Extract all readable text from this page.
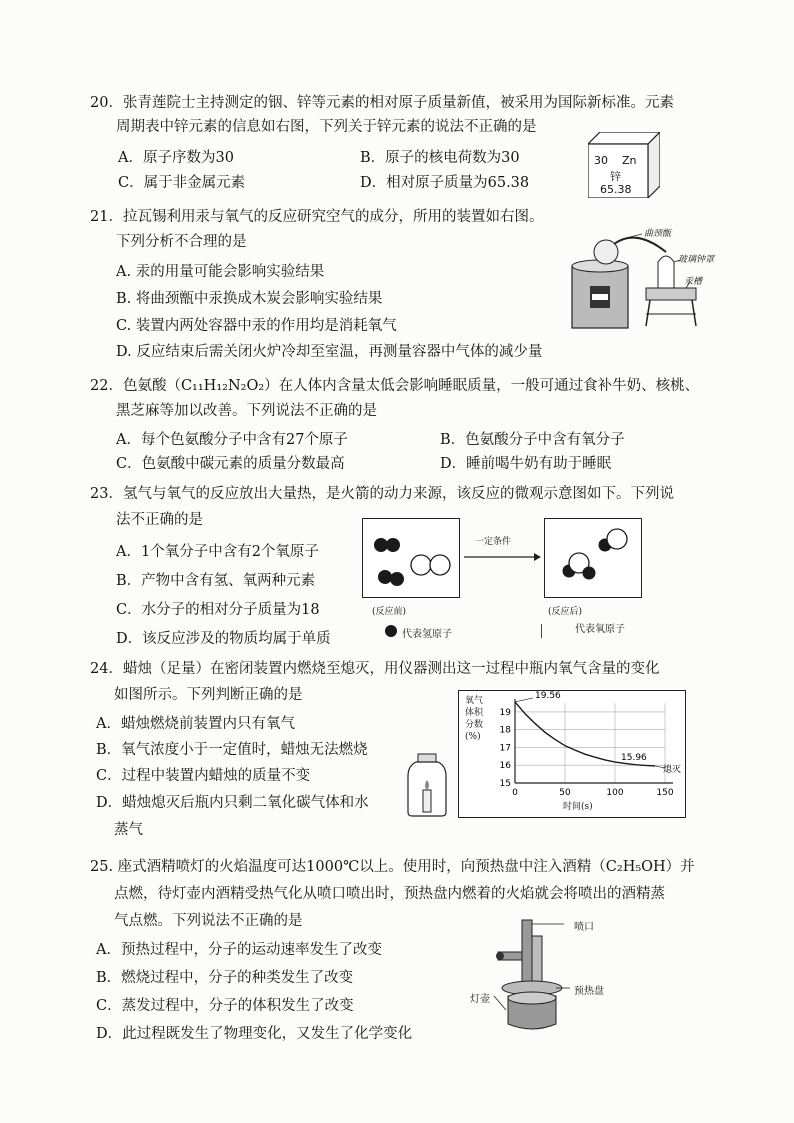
20．张青莲院士主持测定的铟、锌等元素的相对原子质量新值，被采用为国际新标准。元素
周期表中锌元素的信息如右图，下列关于锌元素的说法不正确的是
A．原子序数为30	B．原子的核电荷数为30
C．属于非金属元素	D．相对原子质量为65.38
30 Zn
锌
65.38
21．拉瓦锡利用汞与氧气的反应研究空气的成分，所用的装置如右图。
下列分析不合理的是
A. 汞的用量可能会影响实验结果
B. 将曲颈甑中汞换成木炭会影响实验结果
C. 装置内两处容器中汞的作用均是消耗氧气
D. 反应结束后需关闭火炉冷却至室温，再测量容器中气体的减少量
曲颈甑
玻璃钟罩
汞槽
22．色氨酸（C₁₁H₁₂N₂O₂）在人体内含量太低会影响睡眠质量，一般可通过食补牛奶、核桃、
黑芝麻等加以改善。下列说法不正确的是
A．每个色氨酸分子中含有27个原子	B．色氨酸分子中含有氧分子
C．色氨酸中碳元素的质量分数最高	D．睡前喝牛奶有助于睡眠
23．氢气与氧气的反应放出大量热，是火箭的动力来源，该反应的微观示意图如下。下列说
法不正确的是
A．1个氧分子中含有2个氧原子
B．产物中含有氢、氧两种元素
C．水分子的相对分子质量为18
D．该反应涉及的物质均属于单质
一定条件
(反应前)	(反应后)
代表氢原子	代表氧原子
24．蜡烛（足量）在密闭装置内燃烧至熄灭，用仪器测出这一过程中瓶内氧气含量的变化
如图所示。下列判断正确的是
A．蜡烛燃烧前装置内只有氧气
B．氧气浓度小于一定值时，蜡烛无法燃烧
C．过程中装置内蜡烛的质量不变
D．蜡烛熄灭后瓶内只剩二氧化碳气体和水
蒸气
15
16
17
18
19
0	50	100	150
19.56
15.96
熄灭
氧气体积分数(%)
时间(s)
25. 座式酒精喷灯的火焰温度可达1000℃以上。使用时，向预热盘中注入酒精（C₂H₅OH）并
点燃，待灯壶内酒精受热气化从喷口喷出时，预热盘内燃着的火焰就会将喷出的酒精蒸
气点燃。下列说法不正确的是
A．预热过程中，分子的运动速率发生了改变
B．燃烧过程中，分子的种类发生了改变
C．蒸发过程中，分子的体积发生了改变
D．此过程既发生了物理变化，又发生了化学变化
喷口
预热盘
灯壶
